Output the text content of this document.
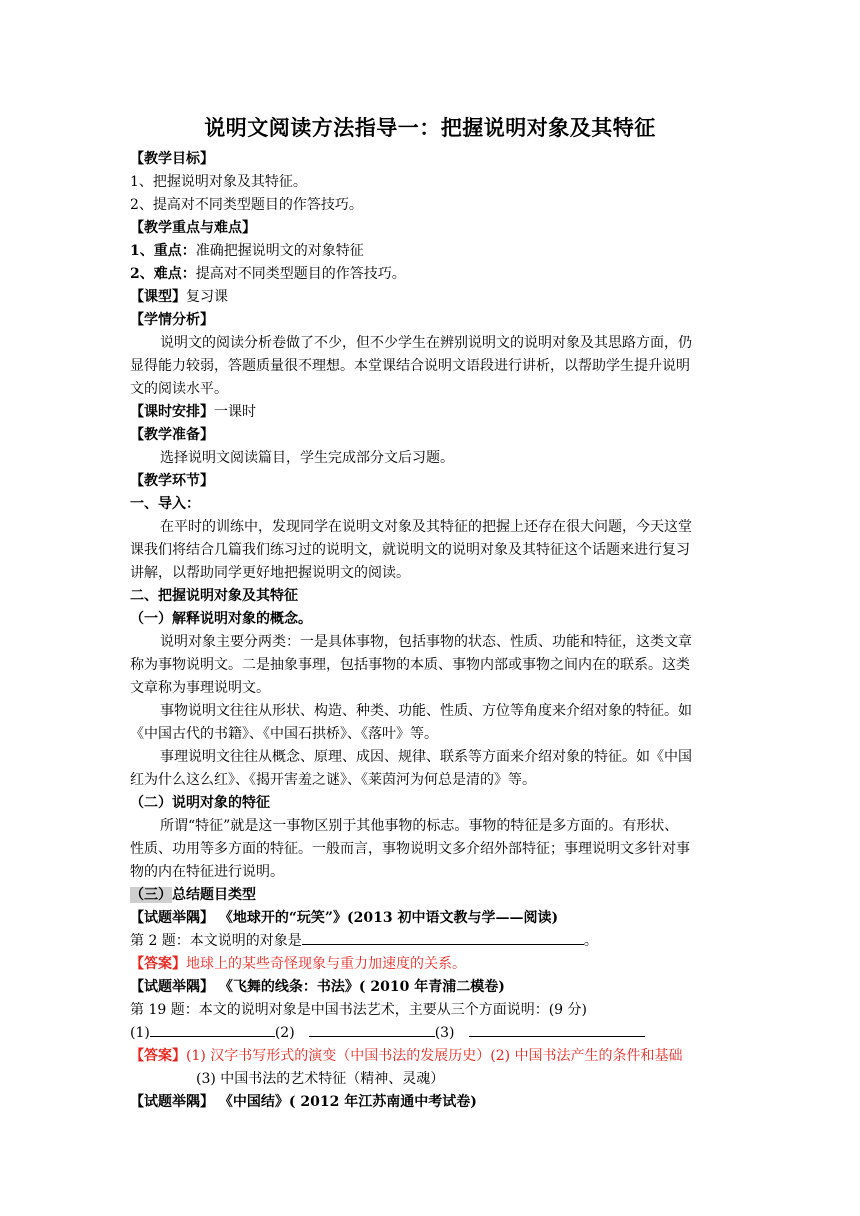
说明文阅读方法指导一：把握说明对象及其特征
【教学目标】
1、把握说明对象及其特征。
2、提高对不同类型题目的作答技巧。
【教学重点与难点】
1、重点：准确把握说明文的对象特征
2、难点：提高对不同类型题目的作答技巧。
【课型】复习课
【学情分析】
说明文的阅读分析卷做了不少，但不少学生在辨别说明文的说明对象及其思路方面，仍
显得能力较弱，答题质量很不理想。本堂课结合说明文语段进行讲析，以帮助学生提升说明
文的阅读水平。
【课时安排】一课时
【教学准备】
选择说明文阅读篇目，学生完成部分文后习题。
【教学环节】
一、导入：
在平时的训练中，发现同学在说明文对象及其特征的把握上还存在很大问题，今天这堂
课我们将结合几篇我们练习过的说明文，就说明文的说明对象及其特征这个话题来进行复习
讲解，以帮助同学更好地把握说明文的阅读。
二、把握说明对象及其特征
（一）解释说明对象的概念。
说明对象主要分两类：一是具体事物，包括事物的状态、性质、功能和特征，这类文章
称为事物说明文。二是抽象事理，包括事物的本质、事物内部或事物之间内在的联系。这类
文章称为事理说明文。
事物说明文往往从形状、构造、种类、功能、性质、方位等角度来介绍对象的特征。如
《中国古代的书籍》、《中国石拱桥》、《落叶》等。
事理说明文往往从概念、原理、成因、规律、联系等方面来介绍对象的特征。如《中国
红为什么这么红》、《揭开害羞之谜》、《莱茵河为何总是清的》等。
（二）说明对象的特征
所谓“特征”就是这一事物区别于其他事物的标志。事物的特征是多方面的。有形状、
性质、功用等多方面的特征。一般而言，事物说明文多介绍外部特征；事理说明文多针对事
物的内在特征进行说明。
（三）总结题目类型
【试题举隅】 《地球开的“玩笑”》(2013 初中语文教与学——阅读)
第 2 题：本文说明的对象是	。
【答案】地球上的某些奇怪现象与重力加速度的关系。
【试题举隅】 《飞舞的线条：书法》( 2010 年青浦二模卷)
第 19 题：本文的说明对象是中国书法艺术，主要从三个方面说明：(9 分)
(1)	(2)	(3)
【答案】(1) 汉字书写形式的演变（中国书法的发展历史）(2) 中国书法产生的条件和基础
(3) 中国书法的艺术特征（精神、灵魂）
【试题举隅】 《中国结》( 2012 年江苏南通中考试卷)
